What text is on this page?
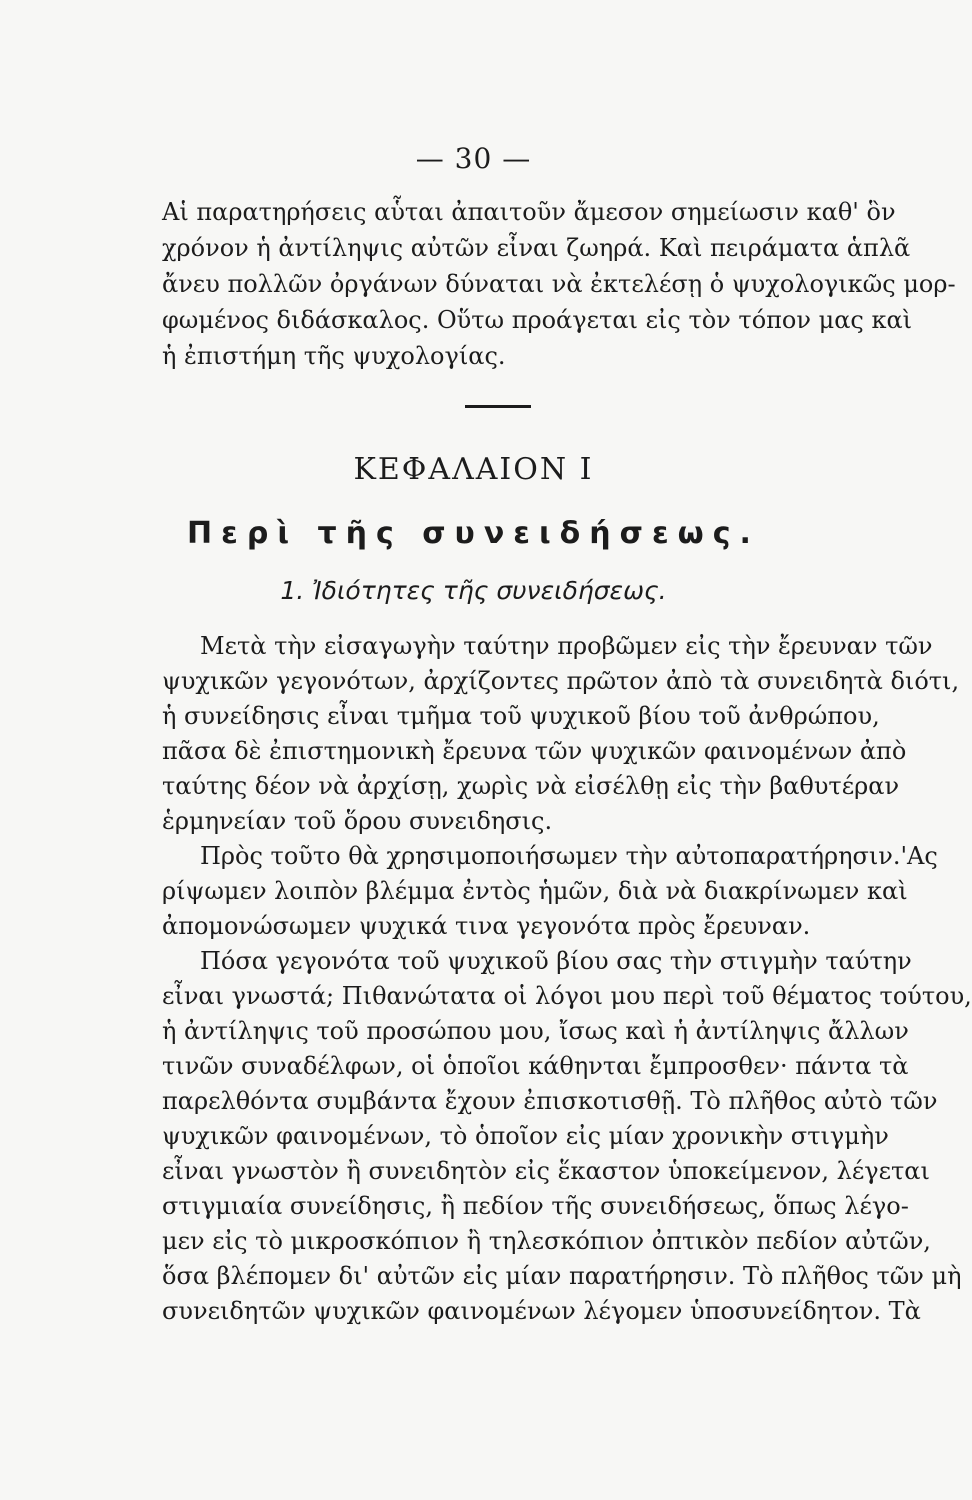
— 30 —
Αἱ παρατηρήσεις αὗται ἀπαιτοῦν ἄμεσον σημείωσιν καθ' ὃν
χρόνον ἡ ἀντίληψις αὐτῶν εἶναι ζωηρά. Καὶ πειράματα ἁπλᾶ
ἄνευ πολλῶν ὀργάνων δύναται νὰ ἐκτελέσῃ ὁ ψυχολογικῶς μορ-
φωμένος διδάσκαλος. Οὕτω προάγεται εἰς τὸν τόπον μας καὶ
ἡ ἐπιστήμη τῆς ψυχολογίας.
ΚΕΦΑΛΑΙΟΝ Ι
Περὶ τῆς συνειδήσεως.
1. Ἰδιότητες τῆς συνειδήσεως.
Μετὰ τὴν εἰσαγωγὴν ταύτην προβῶμεν εἰς τὴν ἔρευναν τῶν
ψυχικῶν γεγονότων, ἀρχίζοντες πρῶτον ἀπὸ τὰ συνειδητὰ διότι,
ἡ συνείδησις εἶναι τμῆμα τοῦ ψυχικοῦ βίου τοῦ ἀνθρώπου,
πᾶσα δὲ ἐπιστημονικὴ ἔρευνα τῶν ψυχικῶν φαινομένων ἀπὸ
ταύτης δέον νὰ ἀρχίσῃ, χωρὶς νὰ εἰσέλθῃ εἰς τὴν βαθυτέραν
ἑρμηνείαν τοῦ ὅρου συνειδησις.
Πρὸς τοῦτο θὰ χρησιμοποιήσωμεν τὴν αὐτοπαρατήρησιν.'Ας
ρίψωμεν λοιπὸν βλέμμα ἐντὸς ἡμῶν, διὰ νὰ διακρίνωμεν καὶ
ἀπομονώσωμεν ψυχικά τινα γεγονότα πρὸς ἔρευναν.
Πόσα γεγονότα τοῦ ψυχικοῦ βίου σας τὴν στιγμὴν ταύτην
εἶναι γνωστά; Πιθανώτατα οἱ λόγοι μου περὶ τοῦ θέματος τούτου,
ἡ ἀντίληψις τοῦ προσώπου μου, ἴσως καὶ ἡ ἀντίληψις ἄλλων
τινῶν συναδέλφων, οἱ ὁποῖοι κάθηνται ἔμπροσθεν· πάντα τὰ
παρελθόντα συμβάντα ἔχουν ἐπισκοτισθῇ. Τὸ πλῆθος αὐτὸ τῶν
ψυχικῶν φαινομένων, τὸ ὁποῖον εἰς μίαν χρονικὴν στιγμὴν
εἶναι γνωστὸν ἢ συνειδητὸν εἰς ἕκαστον ὑποκείμενον, λέγεται
στιγμιαία συνείδησις, ἢ πεδίον τῆς συνειδήσεως, ὅπως λέγο-
μεν εἰς τὸ μικροσκόπιον ἢ τηλεσκόπιον ὀπτικὸν πεδίον αὐτῶν,
ὅσα βλέπομεν δι' αὐτῶν εἰς μίαν παρατήρησιν. Τὸ πλῆθος τῶν μὴ
συνειδητῶν ψυχικῶν φαινομένων λέγομεν ὑποσυνείδητον. Τὰ
